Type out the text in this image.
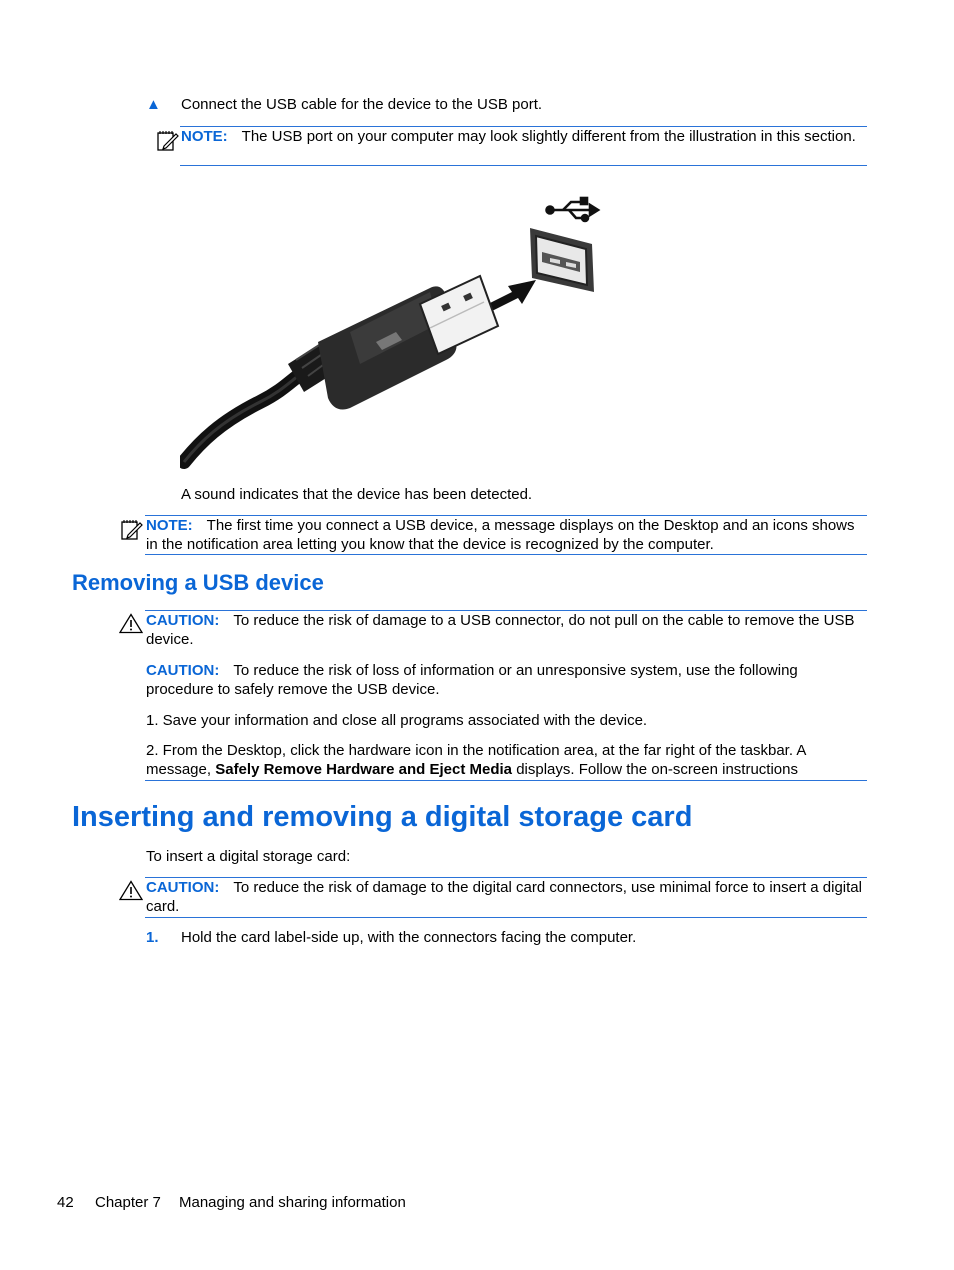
▲ Connect the USB cable for the device to the USB port.
NOTE: The USB port on your computer may look slightly different from the illustration in this section.
A sound indicates that the device has been detected.
NOTE: The first time you connect a USB device, a message displays on the Desktop and an icons shows in the notification area letting you know that the device is recognized by the computer.
Removing a USB device
CAUTION: To reduce the risk of damage to a USB connector, do not pull on the cable to remove the USB device.
CAUTION: To reduce the risk of loss of information or an unresponsive system, use the following procedure to safely remove the USB device.
1. Save your information and close all programs associated with the device.
2. From the Desktop, click the hardware icon in the notification area, at the far right of the taskbar. A message, Safely Remove Hardware and Eject Media displays. Follow the on-screen instructions
Inserting and removing a digital storage card
To insert a digital storage card:
CAUTION: To reduce the risk of damage to the digital card connectors, use minimal force to insert a digital card.
1. Hold the card label-side up, with the connectors facing the computer.
42 Chapter 7 Managing and sharing information
